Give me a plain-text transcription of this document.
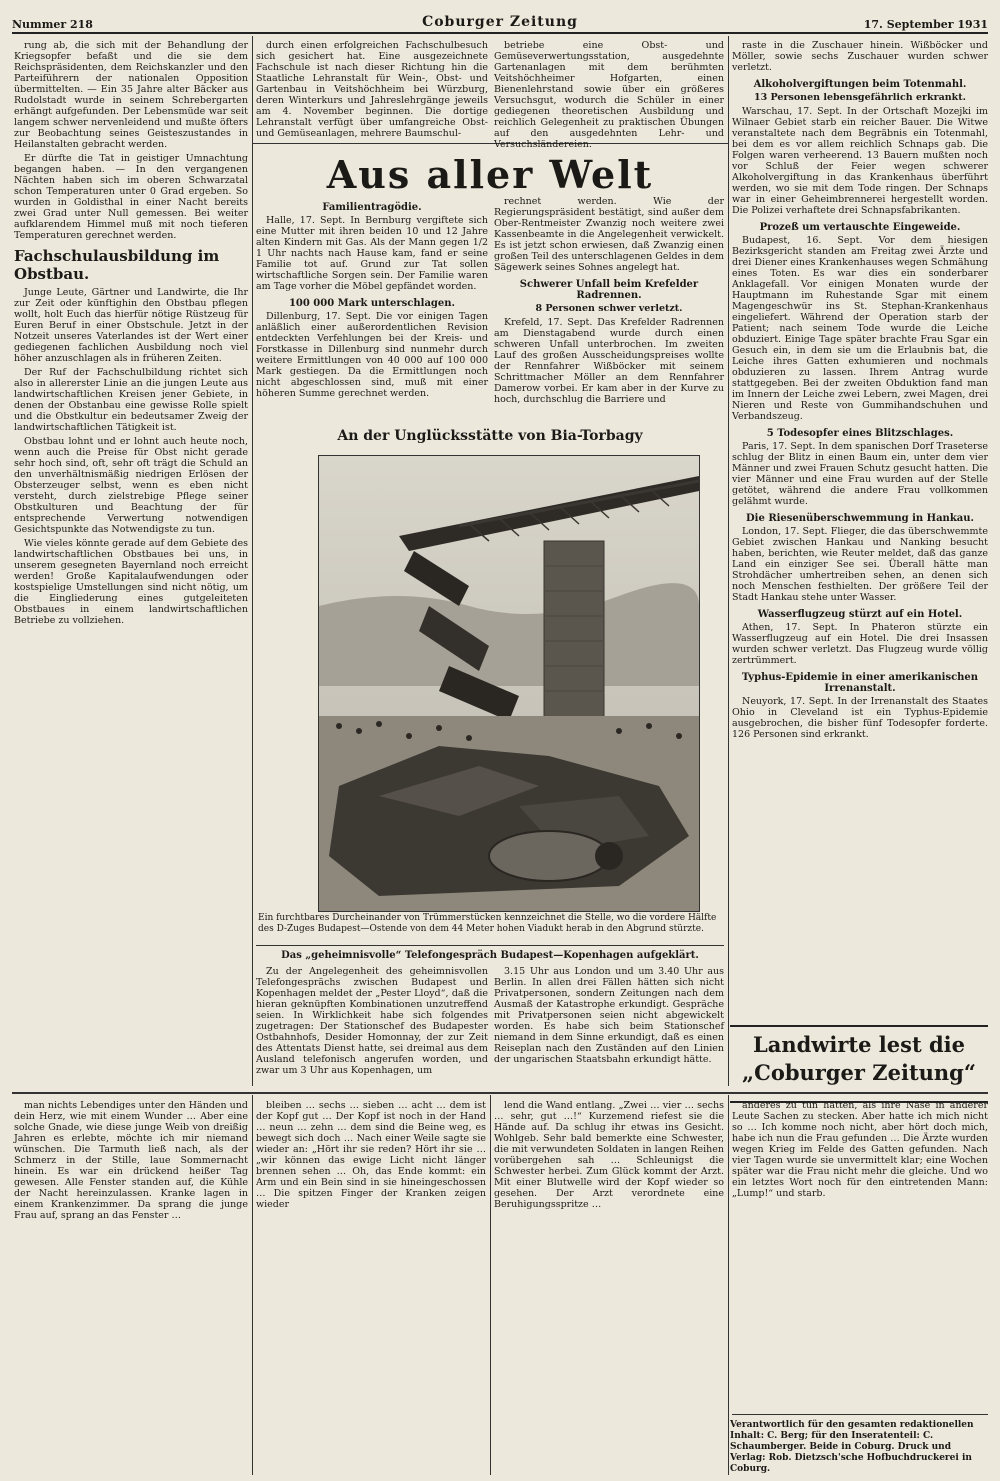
Nummer 218	Coburger Zeitung	17. September 1931

rung ab, die sich mit der Behandlung der Kriegsopfer befaßt und die sie dem Reichspräsidenten, dem Reichskanzler und den Parteiführern der nationalen Opposition übermittelten. — Ein 35 Jahre alter Bäcker aus Rudolstadt wurde in seinem Schrebergarten erhängt aufgefunden. Der Lebensmüde war seit langem schwer nervenleidend und mußte öfters zur Beobachtung seines Geisteszustandes in Heilanstalten gebracht werden.

Er dürfte die Tat in geistiger Umnachtung begangen haben. — In den vergangenen Nächten haben sich im oberen Schwarzatal schon Temperaturen unter 0 Grad ergeben. So wurden in Goldisthal in einer Nacht bereits zwei Grad unter Null gemessen. Bei weiter aufklarendem Himmel muß mit noch tieferen Temperaturen gerechnet werden.

Fachschulausbildung im Obstbau.

Junge Leute, Gärtner und Landwirte, die Ihr zur Zeit oder künftighin den Obstbau pflegen wollt, holt Euch das hierfür nötige Rüstzeug für Euren Beruf in einer Obstschule. Jetzt in der Notzeit unseres Vaterlandes ist der Wert einer gediegenen fachlichen Ausbildung noch viel höher anzuschlagen als in früheren Zeiten.

Der Ruf der Fachschulbildung richtet sich also in allererster Linie an die jungen Leute aus landwirtschaftlichen Kreisen jener Gebiete, in denen der Obstanbau eine gewisse Rolle spielt und die Obstkultur ein bedeutsamer Zweig der landwirtschaftlichen Tätigkeit ist.

Obstbau lohnt und er lohnt auch heute noch, wenn auch die Preise für Obst nicht gerade sehr hoch sind, oft, sehr oft trägt die Schuld an den unverhältnismäßig niedrigen Erlösen der Obsterzeuger selbst, wenn es eben nicht versteht, durch zielstrebige Pflege seiner Obstkulturen und Beachtung der für entsprechende Verwertung notwendigen Gesichtspunkte das Notwendigste zu tun.

Wie vieles könnte gerade auf dem Gebiete des landwirtschaftlichen Obstbaues bei uns, in unserem gesegneten Bayernland noch erreicht werden! Große Kapitalaufwendungen oder kostspielige Umstellungen sind nicht nötig, um die Eingliederung eines gutgeleiteten Obstbaues in einem landwirtschaftlichen Betriebe zu vollziehen.

durch einen erfolgreichen Fachschulbesuch sich gesichert hat. Eine ausgezeichnete Fachschule ist nach dieser Richtung hin die Staatliche Lehranstalt für Wein-, Obst- und Gartenbau in Veitshöchheim bei Würzburg, deren Winterkurs und Jahreslehrgänge jeweils am 4. November beginnen. Die dortige Lehranstalt verfügt über umfangreiche Obst- und Gemüseanlagen, mehrere Baumschul-

betriebe eine Obst- und Gemüseverwertungsstation, ausgedehnte Gartenanlagen mit dem berühmten Veitshöchheimer Hofgarten, einen Bienenlehrstand sowie über ein größeres Versuchsgut, wodurch die Schüler in einer gediegenen theoretischen Ausbildung und reichlich Gelegenheit zu praktischen Übungen auf den ausgedehnten Lehr- und Versuchsländereien.

Aus aller Welt
Familientragödie.

Halle, 17. Sept. In Bernburg vergiftete sich eine Mutter mit ihren beiden 10 und 12 Jahre alten Kindern mit Gas. Als der Mann gegen 1/2 1 Uhr nachts nach Hause kam, fand er seine Familie tot auf. Grund zur Tat sollen wirtschaftliche Sorgen sein. Der Familie waren am Tage vorher die Möbel gepfändet worden.

100 000 Mark unterschlagen.

Dillenburg, 17. Sept. Die vor einigen Tagen anläßlich einer außerordentlichen Revision entdeckten Verfehlungen bei der Kreis- und Forstkasse in Dillenburg sind nunmehr durch weitere Ermittlungen von 40 000 auf 100 000 Mark gestiegen. Da die Ermittlungen noch nicht abgeschlossen sind, muß mit einer höheren Summe gerechnet werden.

rechnet werden. Wie der Regierungspräsident bestätigt, sind außer dem Ober-Rentmeister Zwanzig noch weitere zwei Kassenbeamte in die Angelegenheit verwickelt. Es ist jetzt schon erwiesen, daß Zwanzig einen großen Teil des unterschlagenen Geldes in dem Sägewerk seines Sohnes angelegt hat.

Schwerer Unfall beim Krefelder Radrennen.
8 Personen schwer verletzt.

Krefeld, 17. Sept. Das Krefelder Radrennen am Dienstagabend wurde durch einen schweren Unfall unterbrochen. Im zweiten Lauf des großen Ausscheidungspreises wollte der Rennfahrer Wißböcker mit seinem Schrittmacher Möller an dem Rennfahrer Damerow vorbei. Er kam aber in der Kurve zu hoch, durchschlug die Barriere und

An der Unglücksstätte von Bia-Torbagy
Ein furchtbares Durcheinander von Trümmerstücken kennzeichnet die Stelle, wo die vordere Hälfte des D-Zuges Budapest—Ostende von dem 44 Meter hohen Viadukt herab in den Abgrund stürzte.
Das „geheimnisvolle“ Telefongespräch Budapest—Kopenhagen aufgeklärt.

Zu der Angelegenheit des geheimnisvollen Telefongesprächs zwischen Budapest und Kopenhagen meldet der „Pester Lloyd“, daß die hieran geknüpften Kombinationen unzutreffend seien. In Wirklichkeit habe sich folgendes zugetragen: Der Stationschef des Budapester Ostbahnhofs, Desider Homonnay, der zur Zeit des Attentats Dienst hatte, sei dreimal aus dem Ausland telefonisch angerufen worden, und zwar um 3 Uhr aus Kopenhagen, um

3.15 Uhr aus London und um 3.40 Uhr aus Berlin. In allen drei Fällen hätten sich nicht Privatpersonen, sondern Zeitungen nach dem Ausmaß der Katastrophe erkundigt. Gespräche mit Privatpersonen seien nicht abgewickelt worden. Es habe sich beim Stationschef niemand in dem Sinne erkundigt, daß es einen Reiseplan nach den Zuständen auf den Linien der ungarischen Staatsbahn erkundigt hätte.

raste in die Zuschauer hinein. Wißböcker und Möller, sowie sechs Zuschauer wurden schwer verletzt.

Alkoholvergiftungen beim Totenmahl.
13 Personen lebensgefährlich erkrankt.

Warschau, 17. Sept. In der Ortschaft Mozejki im Wilnaer Gebiet starb ein reicher Bauer. Die Witwe veranstaltete nach dem Begräbnis ein Totenmahl, bei dem es vor allem reichlich Schnaps gab. Die Folgen waren verheerend. 13 Bauern mußten noch vor Schluß der Feier wegen schwerer Alkoholvergiftung in das Krankenhaus überführt werden, wo sie mit dem Tode ringen. Der Schnaps war in einer Geheimbrennerei hergestellt worden. Die Polizei verhaftete drei Schnapsfabrikanten.

Prozeß um vertauschte Eingeweide.

Budapest, 16. Sept. Vor dem hiesigen Bezirksgericht standen am Freitag zwei Ärzte und drei Diener eines Krankenhauses wegen Schmähung eines Toten. Es war dies ein sonderbarer Anklagefall. Vor einigen Monaten wurde der Hauptmann im Ruhestande Sgar mit einem Magengeschwür ins St. Stephan-Krankenhaus eingeliefert. Während der Operation starb der Patient; nach seinem Tode wurde die Leiche obduziert. Einige Tage später brachte Frau Sgar ein Gesuch ein, in dem sie um die Erlaubnis bat, die Leiche ihres Gatten exhumieren und nochmals obduzieren zu lassen. Ihrem Antrag wurde stattgegeben. Bei der zweiten Obduktion fand man im Innern der Leiche zwei Lebern, zwei Magen, drei Nieren und Reste von Gummihandschuhen und Verbandszeug.

5 Todesopfer eines Blitzschlages.

Paris, 17. Sept. In dem spanischen Dorf Traseterse schlug der Blitz in einen Baum ein, unter dem vier Männer und zwei Frauen Schutz gesucht hatten. Die vier Männer und eine Frau wurden auf der Stelle getötet, während die andere Frau vollkommen gelähmt wurde.

Die Riesenüberschwemmung in Hankau.

London, 17. Sept. Flieger, die das überschwemmte Gebiet zwischen Hankau und Nanking besucht haben, berichten, wie Reuter meldet, daß das ganze Land ein einziger See sei. Überall hätte man Strohdächer umhertreiben sehen, an denen sich noch Menschen festhielten. Der größere Teil der Stadt Hankau stehe unter Wasser.

Wasserflugzeug stürzt auf ein Hotel.

Athen, 17. Sept. In Phateron stürzte ein Wasserflugzeug auf ein Hotel. Die drei Insassen wurden schwer verletzt. Das Flugzeug wurde völlig zertrümmert.

Typhus-Epidemie in einer amerikanischen Irrenanstalt.

Neuyork, 17. Sept. In der Irrenanstalt des Staates Ohio in Cleveland ist ein Typhus-Epidemie ausgebrochen, die bisher fünf Todesopfer forderte. 126 Personen sind erkrankt.

Landwirte lest die
„Coburger Zeitung“

man nichts Lebendiges unter den Händen und dein Herz, wie mit einem Wunder … Aber eine solche Gnade, wie diese junge Weib von dreißig Jahren es erlebte, möchte ich mir niemand wünschen. Die Tarmuth ließ nach, als der Schmerz in der Stille, laue Sommernacht hinein. Es war ein drückend heißer Tag gewesen. Alle Fenster standen auf, die Kühle der Nacht hereinzulassen. Kranke lagen in einem Krankenzimmer. Da sprang die junge Frau auf, sprang an das Fenster …

bleiben … sechs … sieben … acht … dem ist der Kopf gut … Der Kopf ist noch in der Hand … neun … zehn … dem sind die Beine weg, es bewegt sich doch … Nach einer Weile sagte sie wieder an: „Hört ihr sie reden? Hört ihr sie … „wir können das ewige Licht nicht länger brennen sehen … Oh, das Ende kommt: ein Arm und ein Bein sind in sie hineingeschossen … Die spitzen Finger der Kranken zeigen wieder

lend die Wand entlang. „Zwei … vier … sechs … sehr, gut …!“ Kurzemend riefest sie die Hände auf. Da schlug ihr etwas ins Gesicht. Wohlgeb. Sehr bald bemerkte eine Schwester, die mit verwundeten Soldaten in langen Reihen vorübergehen sah … Schleunigst die Schwester herbei. Zum Glück kommt der Arzt. Mit einer Blutwelle wird der Kopf wieder so gesehen. Der Arzt verordnete eine Beruhigungsspritze …

anderes zu tun hätten, als ihre Nase in anderer Leute Sachen zu stecken. Aber hatte ich mich nicht so … Ich komme noch nicht, aber hört doch mich, habe ich nun die Frau gefunden … Die Ärzte wurden wegen Krieg im Felde des Gatten gefunden. Nach vier Tagen wurde sie unvermittelt klar; eine Wochen später war die Frau nicht mehr die gleiche. Und wo ein letztes Wort noch für den eintretenden Mann: „Lump!“ und starb.

Verantwortlich für den gesamten redaktionellen Inhalt: C. Berg; für den Inseratenteil: C. Schaumberger. Beide in Coburg. Druck und Verlag: Rob. Dietzsch'sche Hofbuchdruckerei in Coburg.
